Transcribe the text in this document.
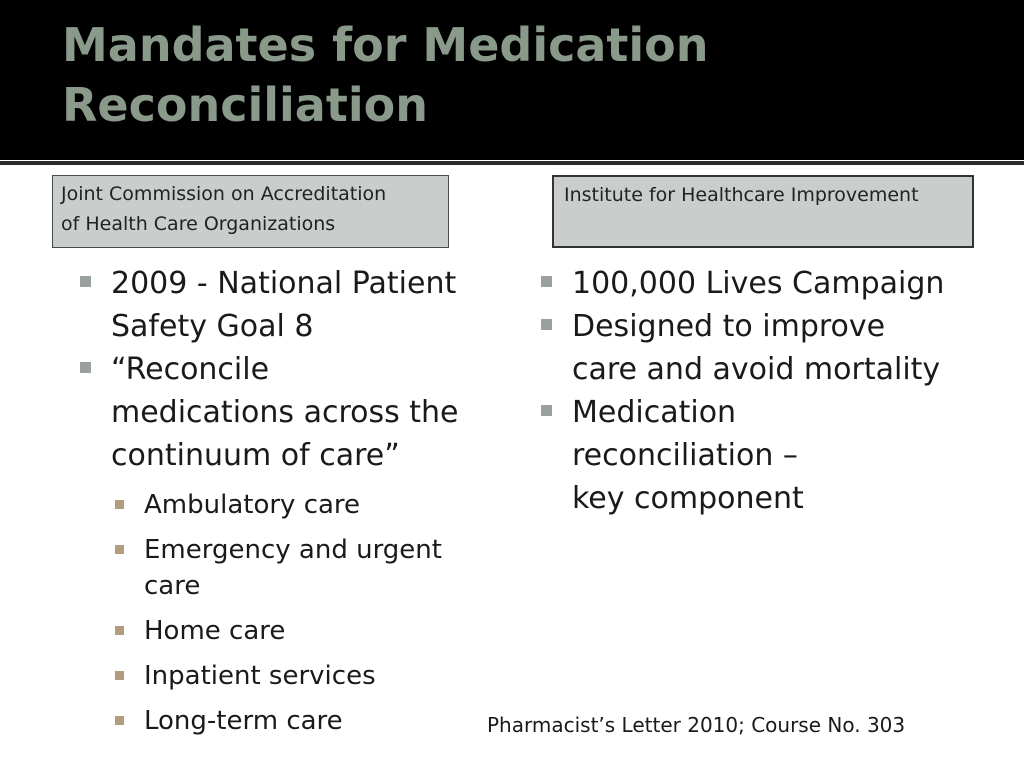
Mandates for Medication
Reconciliation
Joint Commission on Accreditation
of Health Care Organizations
Institute for Healthcare Improvement
2009 - National Patient
Safety Goal 8
“Reconcile
medications across the
continuum of care”
Ambulatory care
Emergency and urgent
care
Home care
Inpatient services
Long-term care
100,000 Lives Campaign
Designed to improve
care and avoid mortality
Medication
reconciliation –
key component
Pharmacist’s Letter 2010; Course No. 303
